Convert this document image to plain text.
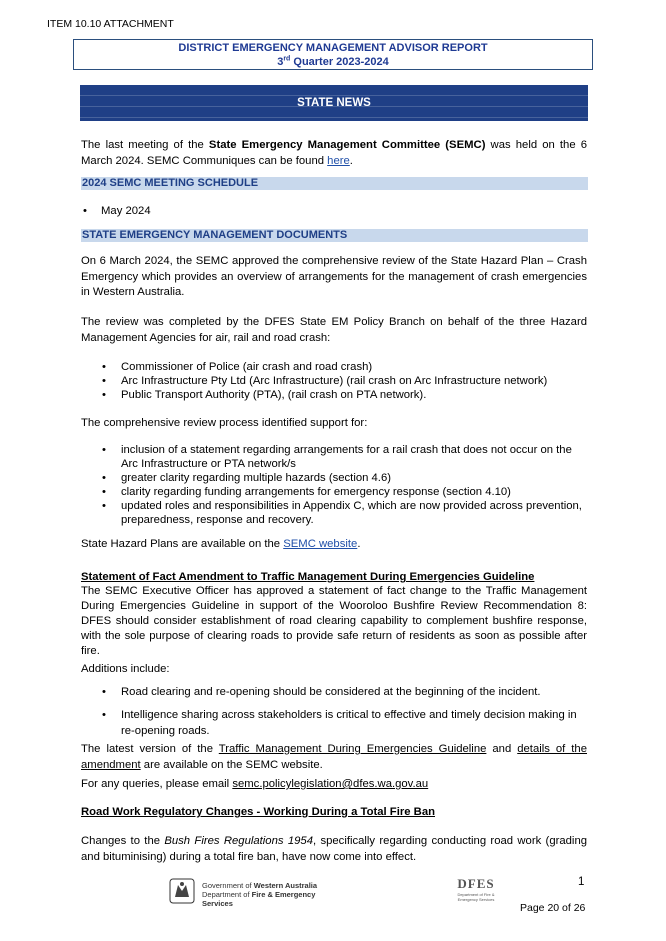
ITEM 10.10 ATTACHMENT
DISTRICT EMERGENCY MANAGEMENT ADVISOR REPORT
3rd Quarter 2023-2024
STATE NEWS
The last meeting of the State Emergency Management Committee (SEMC) was held on the 6 March 2024. SEMC Communiques can be found here.
2024 SEMC MEETING SCHEDULE
• May 2024
STATE EMERGENCY MANAGEMENT DOCUMENTS
On 6 March 2024, the SEMC approved the comprehensive review of the State Hazard Plan – Crash Emergency which provides an overview of arrangements for the management of crash emergencies in Western Australia.
The review was completed by the DFES State EM Policy Branch on behalf of the three Hazard Management Agencies for air, rail and road crash:
• Commissioner of Police (air crash and road crash)
• Arc Infrastructure Pty Ltd (Arc Infrastructure) (rail crash on Arc Infrastructure network)
• Public Transport Authority (PTA), (rail crash on PTA network).
The comprehensive review process identified support for:
• inclusion of a statement regarding arrangements for a rail crash that does not occur on the Arc Infrastructure or PTA network/s
• greater clarity regarding multiple hazards (section 4.6)
• clarity regarding funding arrangements for emergency response (section 4.10)
• updated roles and responsibilities in Appendix C, which are now provided across prevention, preparedness, response and recovery.
State Hazard Plans are available on the SEMC website.
Statement of Fact Amendment to Traffic Management During Emergencies Guideline
The SEMC Executive Officer has approved a statement of fact change to the Traffic Management During Emergencies Guideline in support of the Wooroloo Bushfire Review Recommendation 8: DFES should consider establishment of road clearing capability to complement bushfire response, with the sole purpose of clearing roads to provide safe return of residents as soon as possible after fire.
Additions include:
• Road clearing and re-opening should be considered at the beginning of the incident.
• Intelligence sharing across stakeholders is critical to effective and timely decision making in re-opening roads.
The latest version of the Traffic Management During Emergencies Guideline and details of the amendment are available on the SEMC website.
For any queries, please email semc.policylegislation@dfes.wa.gov.au
Road Work Regulatory Changes - Working During a Total Fire Ban
Changes to the Bush Fires Regulations 1954, specifically regarding conducting road work (grading and bituminising) during a total fire ban, have now come into effect.
Government of Western Australia
Department of Fire & Emergency Services
DFES
Department of Fire & Emergency Services
1
Page 20 of 26
